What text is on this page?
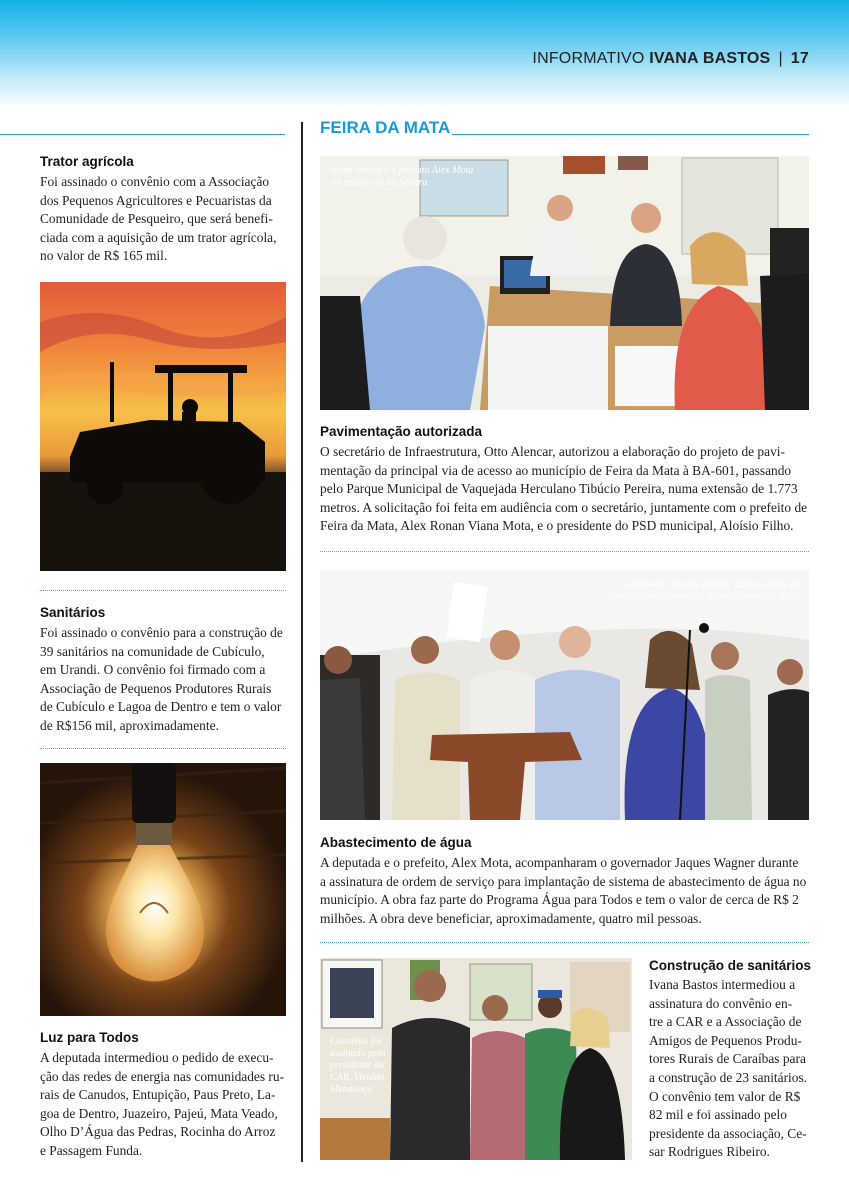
INFORMATIVO IVANA BASTOS | 17
FEIRA DA MATA
Trator agrícola
Foi assinado o convênio com a Associação
dos Pequenos Agricultores e Pecuaristas da
Comunidade de Pesqueiro, que será benefi-
ciada com a aquisição de um trator agrícola,
no valor de R$ 165 mil.
Sanitários
Foi assinado o convênio para a construção de
39 sanitários na comunidade de Cubículo,
em Urandi. O convênio foi firmado com a
Associação de Pequenos Produtores Rurais
de Cubículo e Lagoa de Dentro e tem o valor
de R$156 mil, aproximadamente.
Luz para Todos
A deputada intermediou o pedido de execu-
ção das redes de energia nas comunidades ru-
rais de Canudos, Entupição, Paus Preto, La-
goa de Dentro, Juazeiro, Pajeú, Mata Veado,
Olho D’Água das Pedras, Rocinha do Arroz
e Passagem Funda.
Ivana Bastos e o prefeito Alex Mota
em audiência na Seinfra
Pavimentação autorizada
O secretário de Infraestrutura, Otto Alencar, autorizou a elaboração do projeto de pavi-
mentação da principal via de acesso ao município de Feira da Mata à BA-601, passando
pelo Parque Municipal de Vaquejada Herculano Tibúcio Pereira, numa extensão de 1.773
metros. A solicitação foi feita em audiência com o secretário, juntamente com o prefeito de
Feira da Mata, Alex Ronan Viana Mota, e o presidente do PSD municipal, Aloísio Filho.
Governador Jaques Wagner assina ordem de
serviço para sistema de abastecimento de água
Abastecimento de água
A deputada e o prefeito, Alex Mota, acompanharam o governador Jaques Wagner durante
a assinatura de ordem de serviço para implantação de sistema de abastecimento de água no
município. A obra faz parte do Programa Água para Todos e tem o valor de cerca de R$ 2
milhões. A obra deve beneficiar, aproximadamente, quatro mil pessoas.
Convênio foi
assinado pelo
presidente da
CAR, Vivaldo
Mendonça
Construção de sanitários
Ivana Bastos intermediou a
assinatura do convênio en-
tre a CAR e a Associação de
Amigos de Pequenos Produ-
tores Rurais de Caraíbas para
a construção de 23 sanitários.
O convênio tem valor de R$
82 mil e foi assinado pelo
presidente da associação, Ce-
sar Rodrigues Ribeiro.
